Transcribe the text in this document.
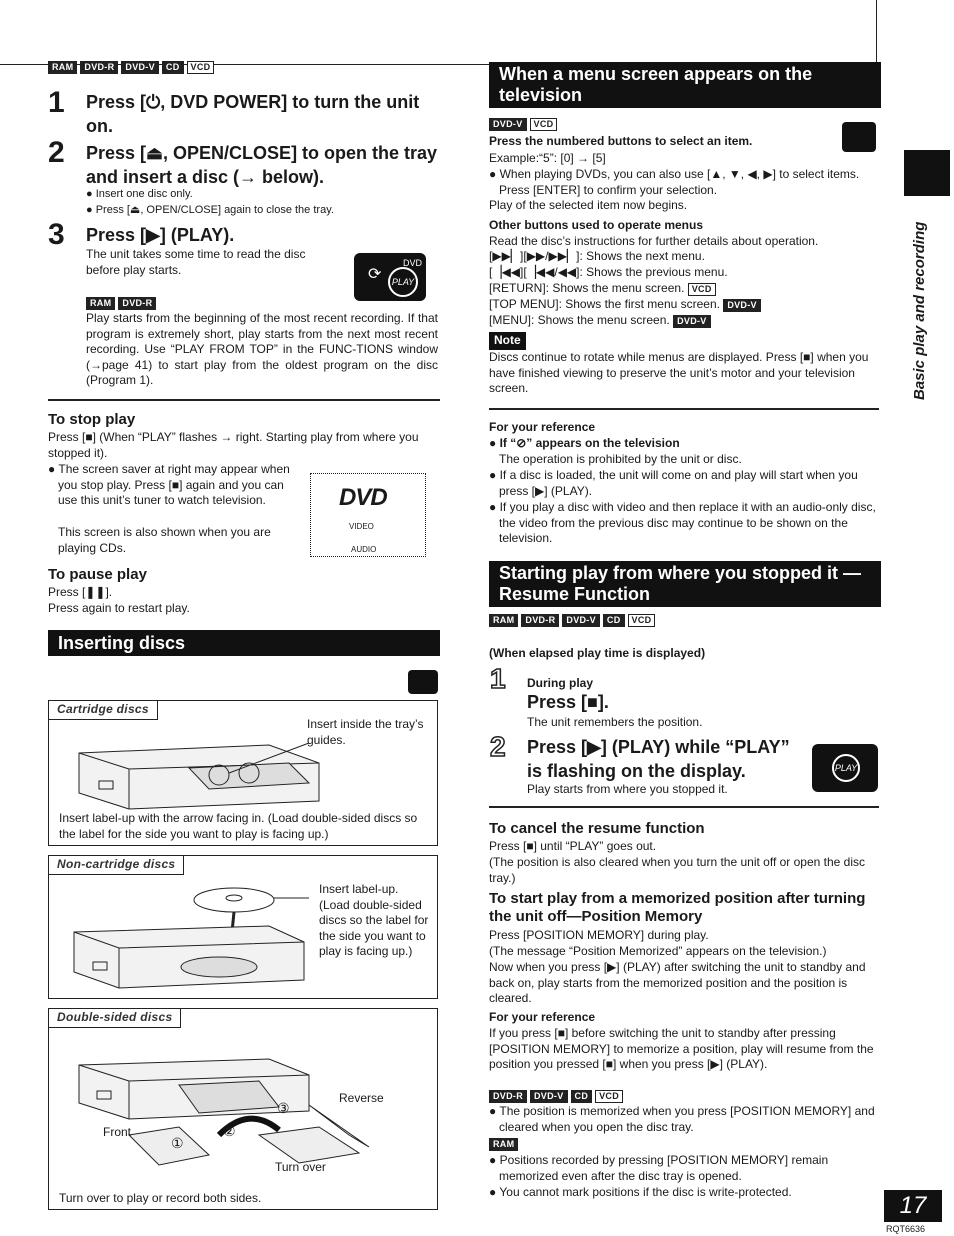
RAM	DVD-R	DVD-V	CD	VCD
1 Press [⏻, DVD POWER] to turn the unit on.
2 Press [⏏, OPEN/CLOSE] to open the tray and insert a disc (→ below).
● Insert one disc only.
● Press [⏏, OPEN/CLOSE] again to close the tray.
3 Press [▶] (PLAY).
The unit takes some time to read the disc before play starts.	DVD
PLAY
⟳
RAM	DVD-R
Play starts from the beginning of the most recent recording. If that program is extremely short, play starts from the next most recent recording. Use “PLAY FROM TOP” in the FUNC-TIONS window (→page 41) to start play from the oldest program on the disc (Program 1).
To stop play
Press [■] (When “PLAY” flashes → right. Starting play from where you stopped it).
● The screen saver at right may appear when you stop play. Press [■] again and you can use this unit’s tuner to watch television.
This screen is also shown when you are playing CDs.
DVD
VIDEO
AUDIO
To pause play
Press [❚❚].
Press again to restart play.
Inserting discs
Cartridge discs
Insert inside the tray’s guides.
Insert label-up with the arrow facing in. (Load double-sided discs so the label for the side you want to play is facing up.)
Non-cartridge discs
Insert label-up. (Load double-sided discs so the label for the side you want to play is facing up.)
Double-sided discs
①
②
③
Reverse
Front
Turn over
Turn over to play or record both sides.
When a menu screen appears on the television
DVD-V	VCD
Press the numbered buttons to select an item.
Example:“5”: [0] → [5]
● When playing DVDs, you can also use [▲, ▼, ◀, ▶] to select items. Press [ENTER] to confirm your selection.
Play of the selected item now begins.
Other buttons used to operate menus
Read the disc’s instructions for further details about operation.
[▶▶▏][▶▶/▶▶▏]: Shows the next menu.
[▕◀◀][▕◀◀/◀◀]: Shows the previous menu.
[RETURN]: Shows the menu screen. VCD
[TOP MENU]: Shows the first menu screen. DVD-V
[MENU]: Shows the menu screen. DVD-V
Note
Discs continue to rotate while menus are displayed. Press [■] when you have finished viewing to preserve the unit’s motor and your television screen.
For your reference
● If “⊘” appears on the television
The operation is prohibited by the unit or disc.
● If a disc is loaded, the unit will come on and play will start when you press [▶] (PLAY).
● If you play a disc with video and then replace it with an audio-only disc, the video from the previous disc may continue to be shown on the television.
Starting play from where you stopped it —Resume Function
RAM	DVD-R	DVD-V	CD	VCD
(When elapsed play time is displayed)
1 During play
Press [■].
The unit remembers the position.
2 Press [▶] (PLAY) while “PLAY” is flashing on the display.
Play starts from where you stopped it.
PLAY
To cancel the resume function
Press [■] until “PLAY” goes out.
(The position is also cleared when you turn the unit off or open the disc tray.)
To start play from a memorized position after turning the unit off—Position Memory
Press [POSITION MEMORY] during play.
(The message “Position Memorized” appears on the television.)
Now when you press [▶] (PLAY) after switching the unit to standby and back on, play starts from the memorized position and the position is cleared.
For your reference
If you press [■] before switching the unit to standby after pressing [POSITION MEMORY] to memorize a position, play will resume from the position you pressed [■] when you press [▶] (PLAY).
DVD-R	DVD-V	CD	VCD
● The position is memorized when you press [POSITION MEMORY] and cleared when you open the disc tray.
RAM
● Positions recorded by pressing [POSITION MEMORY] remain memorized even after the disc tray is opened.
● You cannot mark positions if the disc is write-protected.
Basic play and recording
17
RQT6636
